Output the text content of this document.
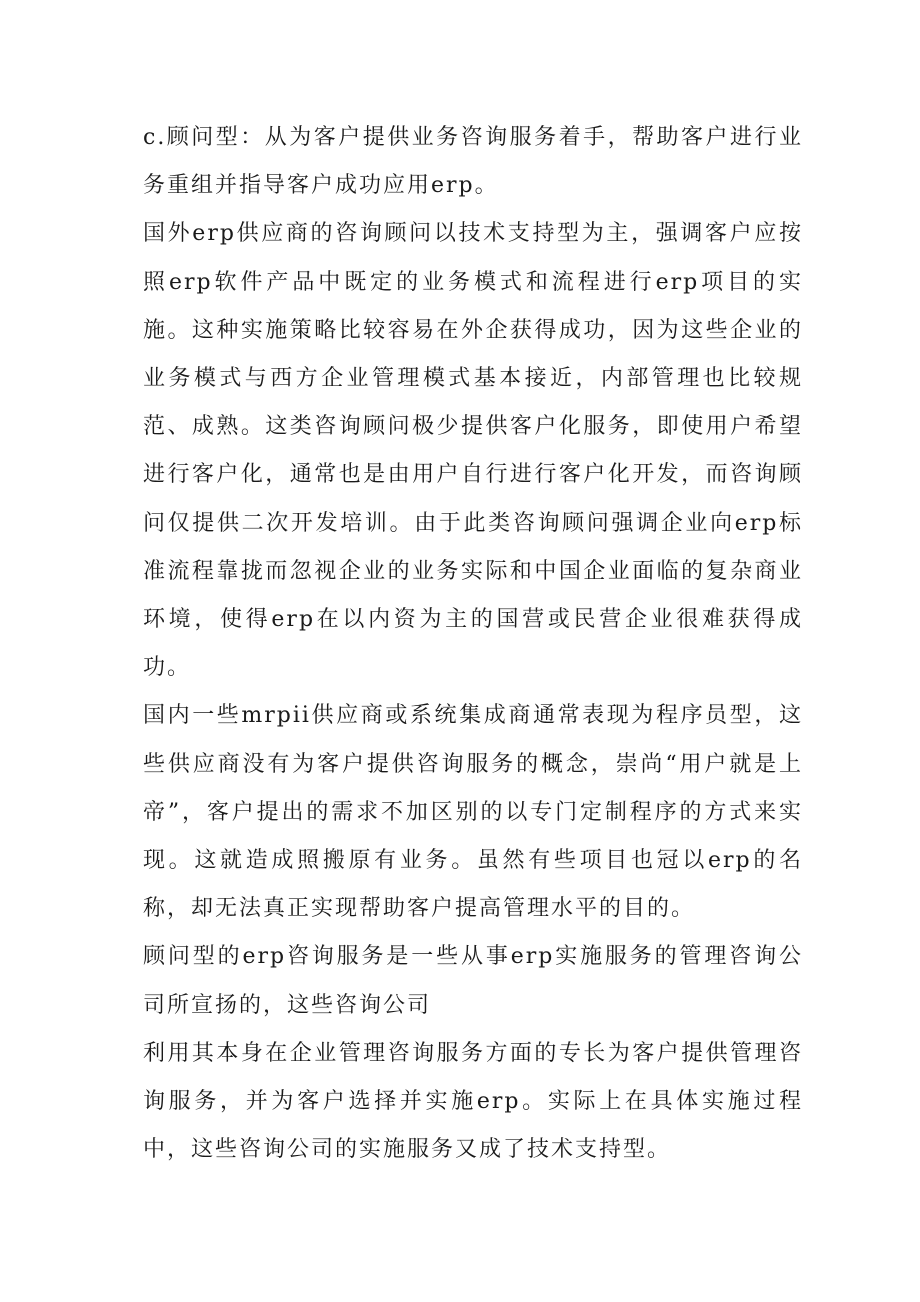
c.顾问型：从为客户提供业务咨询服务着手，帮助客户进行业务重组并指导客户成功应用erp。

国外erp供应商的咨询顾问以技术支持型为主，强调客户应按照erp软件产品中既定的业务模式和流程进行erp项目的实施。这种实施策略比较容易在外企获得成功，因为这些企业的业务模式与西方企业管理模式基本接近，内部管理也比较规范、成熟。这类咨询顾问极少提供客户化服务，即使用户希望进行客户化，通常也是由用户自行进行客户化开发，而咨询顾问仅提供二次开发培训。由于此类咨询顾问强调企业向erp标准流程靠拢而忽视企业的业务实际和中国企业面临的复杂商业环境，使得erp在以内资为主的国营或民营企业很难获得成功。

国内一些mrpii供应商或系统集成商通常表现为程序员型，这些供应商没有为客户提供咨询服务的概念，崇尚“用户就是上帝”，客户提出的需求不加区别的以专门定制程序的方式来实现。这就造成照搬原有业务。虽然有些项目也冠以erp的名称，却无法真正实现帮助客户提高管理水平的目的。

顾问型的erp咨询服务是一些从事erp实施服务的管理咨询公司所宣扬的，这些咨询公司

利用其本身在企业管理咨询服务方面的专长为客户提供管理咨询服务，并为客户选择并实施erp。实际上在具体实施过程中，这些咨询公司的实施服务又成了技术支持型。
